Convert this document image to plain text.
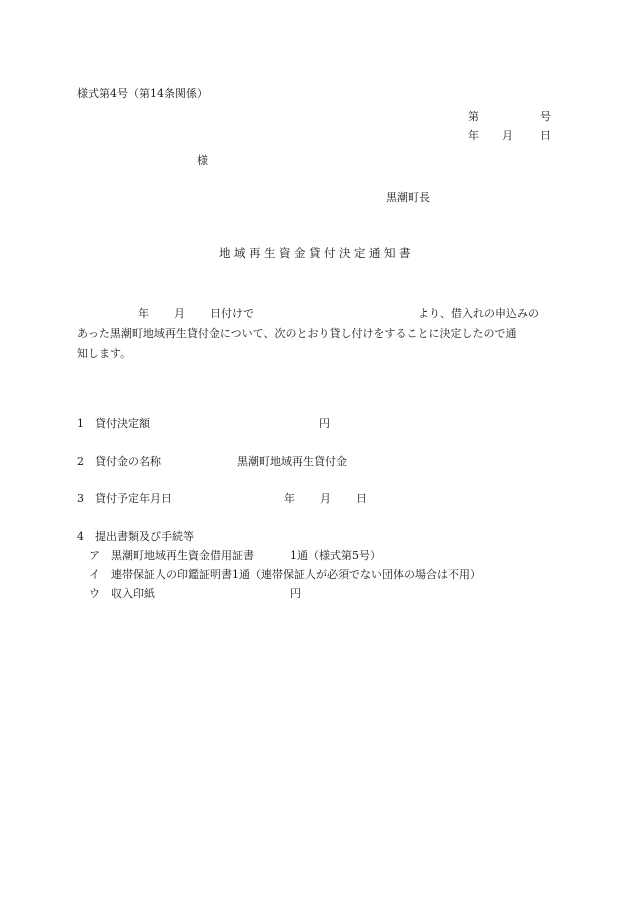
様式第4号（第14条関係）
第	号
年 月 日
様
黒潮町長
地域再生資金貸付決定通知書
年 月 日付けで	より、借入れの申込みの
あった黒潮町地域再生貸付金について、次のとおり貸し付けをすることに決定したので通
知します。
1　貸付決定額	円
2　貸付金の名称	黒潮町地域再生貸付金
3　貸付予定年月日	年 月 日
4　提出書類及び手続等
ア　黒潮町地域再生資金借用証書	1通（様式第5号）
イ　連帯保証人の印鑑証明書1通（連帯保証人が必須でない団体の場合は不用）
ウ　収入印紙	円
